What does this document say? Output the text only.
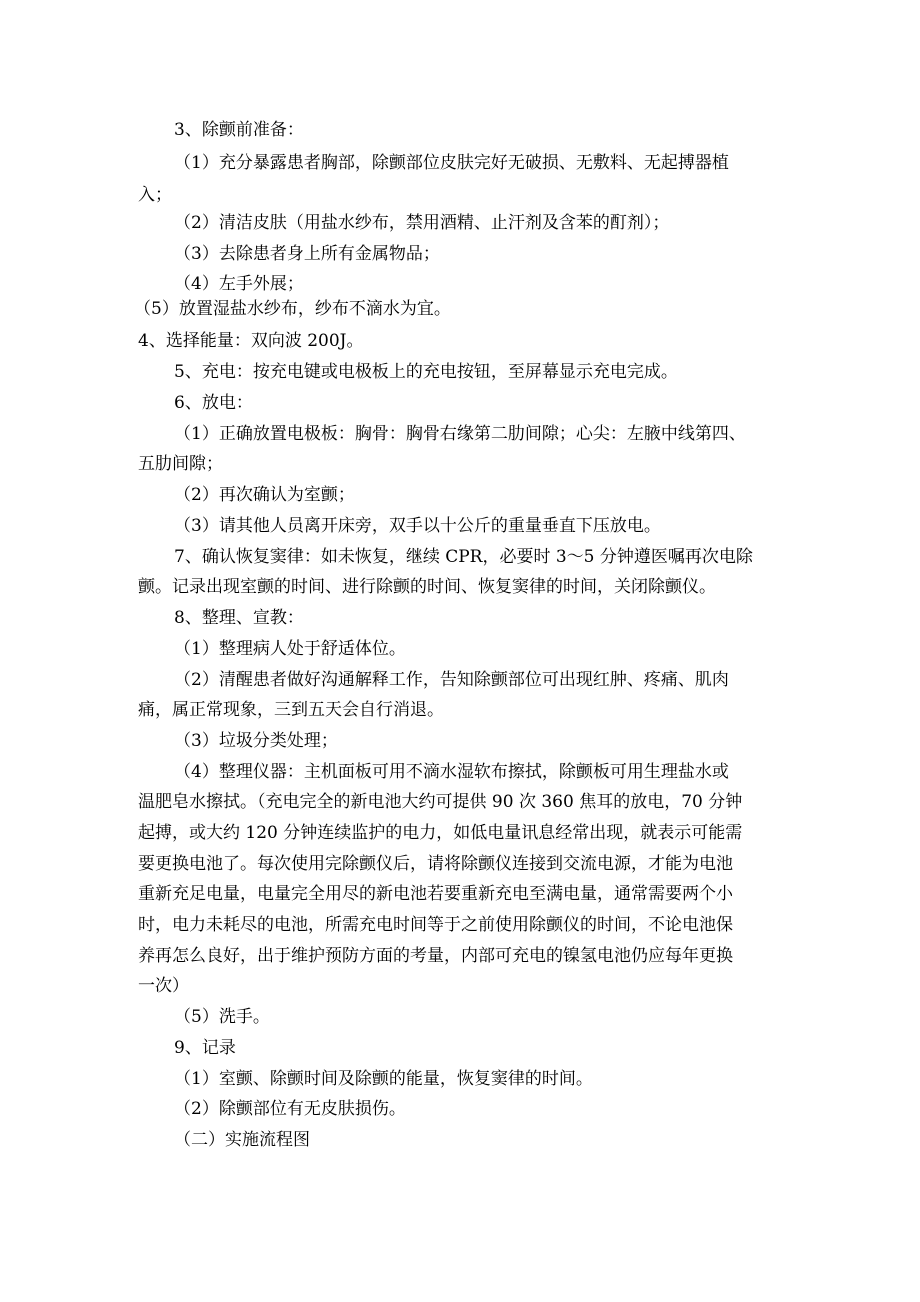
3、除颤前准备：
（1）充分暴露患者胸部，除颤部位皮肤完好无破损、无敷料、无起搏器植
入；
（2）清洁皮肤（用盐水纱布，禁用酒精、止汗剂及含苯的酊剂）；
（3）去除患者身上所有金属物品；
（4）左手外展；
（5）放置湿盐水纱布，纱布不滴水为宜。
4、选择能量：双向波 200J。
5、充电：按充电键或电极板上的充电按钮，至屏幕显示充电完成。
6、放电：
（1）正确放置电极板：胸骨：胸骨右缘第二肋间隙；心尖：左腋中线第四、
五肋间隙；
（2）再次确认为室颤；
（3）请其他人员离开床旁，双手以十公斤的重量垂直下压放电。
7、确认恢复窦律：如未恢复，继续 CPR，必要时 3～5 分钟遵医嘱再次电除
颤。记录出现室颤的时间、进行除颤的时间、恢复窦律的时间，关闭除颤仪。
8、整理、宣教：
（1）整理病人处于舒适体位。
（2）清醒患者做好沟通解释工作，告知除颤部位可出现红肿、疼痛、肌肉
痛，属正常现象，三到五天会自行消退。
（3）垃圾分类处理；
（4）整理仪器：主机面板可用不滴水湿软布擦拭，除颤板可用生理盐水或
温肥皂水擦拭。（充电完全的新电池大约可提供 90 次 360 焦耳的放电，70 分钟
起搏，或大约 120 分钟连续监护的电力，如低电量讯息经常出现，就表示可能需
要更换电池了。每次使用完除颤仪后，请将除颤仪连接到交流电源，才能为电池
重新充足电量，电量完全用尽的新电池若要重新充电至满电量，通常需要两个小
时，电力未耗尽的电池，所需充电时间等于之前使用除颤仪的时间，不论电池保
养再怎么良好，出于维护预防方面的考量，内部可充电的镍氢电池仍应每年更换
一次）
（5）洗手。
9、记录
（1）室颤、除颤时间及除颤的能量，恢复窦律的时间。
（2）除颤部位有无皮肤损伤。
（二）实施流程图
